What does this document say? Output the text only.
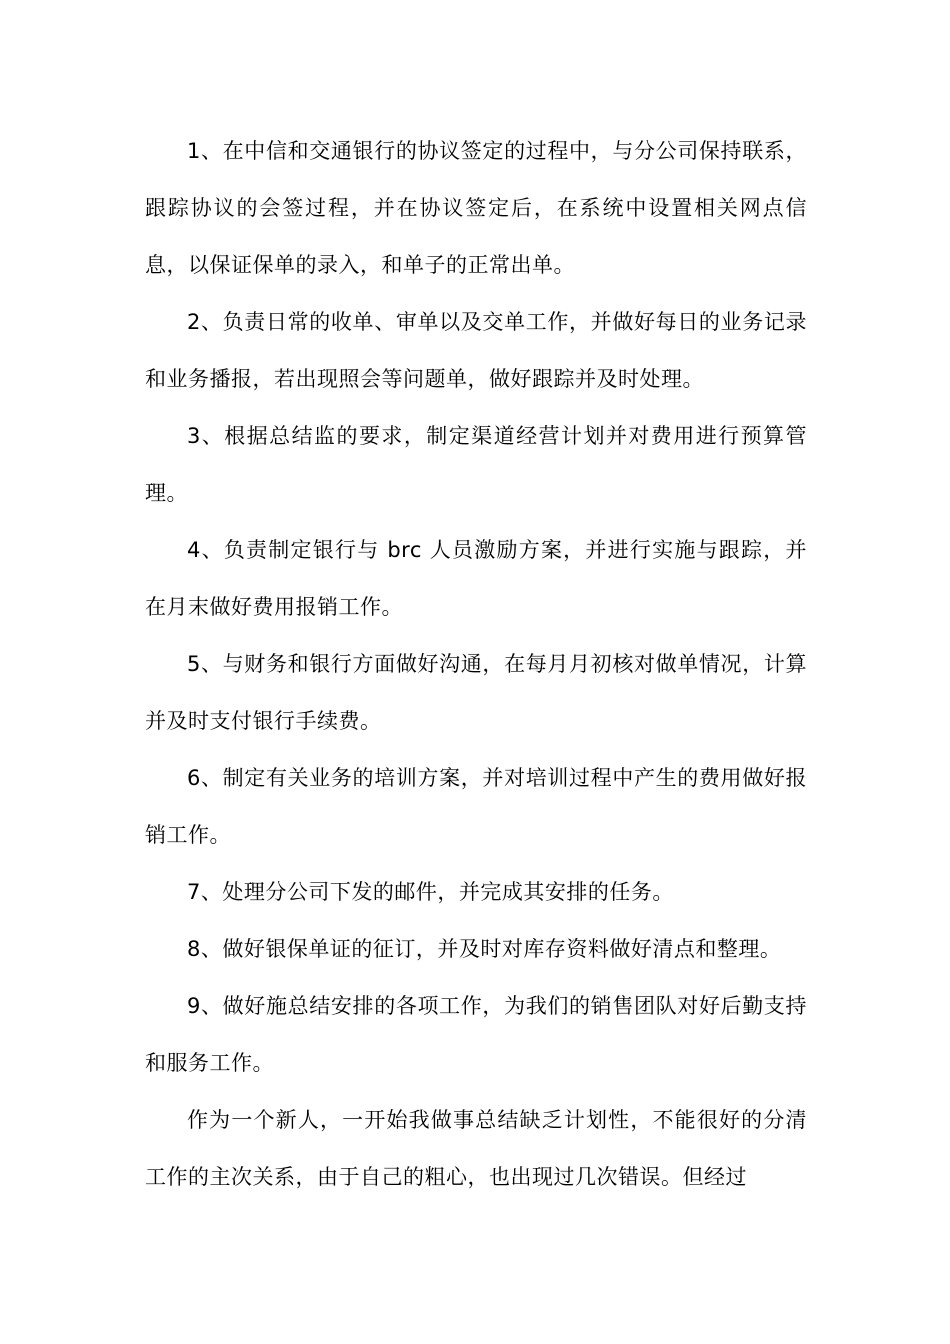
1、在中信和交通银行的协议签定的过程中，与分公司保持联系，跟踪协议的会签过程，并在协议签定后，在系统中设置相关网点信息，以保证保单的录入，和单子的正常出单。

2、负责日常的收单、审单以及交单工作，并做好每日的业务记录和业务播报，若出现照会等问题单，做好跟踪并及时处理。

3、根据总结监的要求，制定渠道经营计划并对费用进行预算管理。

4、负责制定银行与 brc 人员激励方案，并进行实施与跟踪，并在月末做好费用报销工作。

5、与财务和银行方面做好沟通，在每月月初核对做单情况，计算并及时支付银行手续费。

6、制定有关业务的培训方案，并对培训过程中产生的费用做好报销工作。

7、处理分公司下发的邮件，并完成其安排的任务。

8、做好银保单证的征订，并及时对库存资料做好清点和整理。

9、做好施总结安排的各项工作，为我们的销售团队对好后勤支持和服务工作。

作为一个新人，一开始我做事总结缺乏计划性，不能很好的分清工作的主次关系，由于自己的粗心，也出现过几次错误。但经过
